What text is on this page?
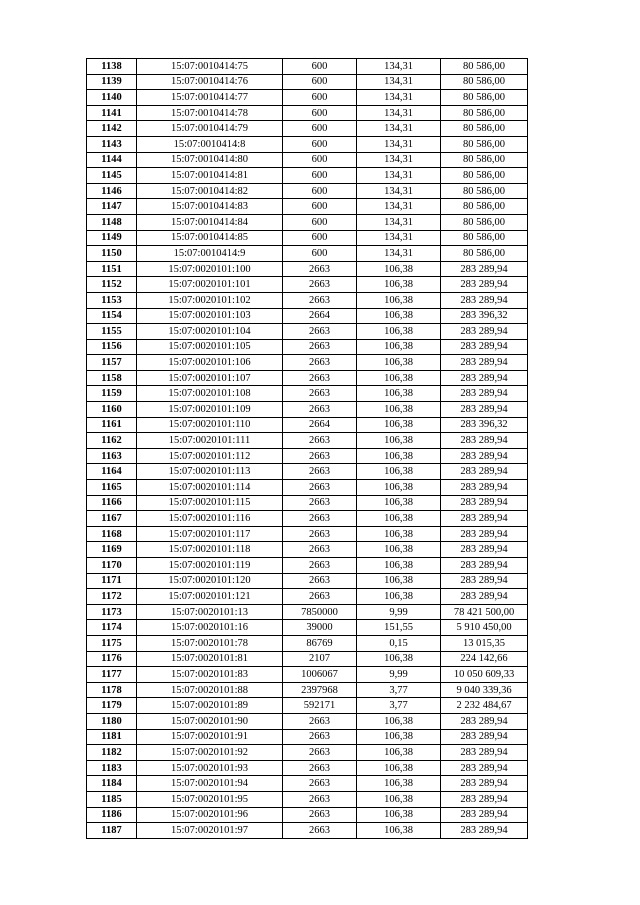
1138	15:07:0010414:75	600	134,31	80 586,00
1139	15:07:0010414:76	600	134,31	80 586,00
1140	15:07:0010414:77	600	134,31	80 586,00
1141	15:07:0010414:78	600	134,31	80 586,00
1142	15:07:0010414:79	600	134,31	80 586,00
1143	15:07:0010414:8	600	134,31	80 586,00
1144	15:07:0010414:80	600	134,31	80 586,00
1145	15:07:0010414:81	600	134,31	80 586,00
1146	15:07:0010414:82	600	134,31	80 586,00
1147	15:07:0010414:83	600	134,31	80 586,00
1148	15:07:0010414:84	600	134,31	80 586,00
1149	15:07:0010414:85	600	134,31	80 586,00
1150	15:07:0010414:9	600	134,31	80 586,00
1151	15:07:0020101:100	2663	106,38	283 289,94
1152	15:07:0020101:101	2663	106,38	283 289,94
1153	15:07:0020101:102	2663	106,38	283 289,94
1154	15:07:0020101:103	2664	106,38	283 396,32
1155	15:07:0020101:104	2663	106,38	283 289,94
1156	15:07:0020101:105	2663	106,38	283 289,94
1157	15:07:0020101:106	2663	106,38	283 289,94
1158	15:07:0020101:107	2663	106,38	283 289,94
1159	15:07:0020101:108	2663	106,38	283 289,94
1160	15:07:0020101:109	2663	106,38	283 289,94
1161	15:07:0020101:110	2664	106,38	283 396,32
1162	15:07:0020101:111	2663	106,38	283 289,94
1163	15:07:0020101:112	2663	106,38	283 289,94
1164	15:07:0020101:113	2663	106,38	283 289,94
1165	15:07:0020101:114	2663	106,38	283 289,94
1166	15:07:0020101:115	2663	106,38	283 289,94
1167	15:07:0020101:116	2663	106,38	283 289,94
1168	15:07:0020101:117	2663	106,38	283 289,94
1169	15:07:0020101:118	2663	106,38	283 289,94
1170	15:07:0020101:119	2663	106,38	283 289,94
1171	15:07:0020101:120	2663	106,38	283 289,94
1172	15:07:0020101:121	2663	106,38	283 289,94
1173	15:07:0020101:13	7850000	9,99	78 421 500,00
1174	15:07:0020101:16	39000	151,55	5 910 450,00
1175	15:07:0020101:78	86769	0,15	13 015,35
1176	15:07:0020101:81	2107	106,38	224 142,66
1177	15:07:0020101:83	1006067	9,99	10 050 609,33
1178	15:07:0020101:88	2397968	3,77	9 040 339,36
1179	15:07:0020101:89	592171	3,77	2 232 484,67
1180	15:07:0020101:90	2663	106,38	283 289,94
1181	15:07:0020101:91	2663	106,38	283 289,94
1182	15:07:0020101:92	2663	106,38	283 289,94
1183	15:07:0020101:93	2663	106,38	283 289,94
1184	15:07:0020101:94	2663	106,38	283 289,94
1185	15:07:0020101:95	2663	106,38	283 289,94
1186	15:07:0020101:96	2663	106,38	283 289,94
1187	15:07:0020101:97	2663	106,38	283 289,94
